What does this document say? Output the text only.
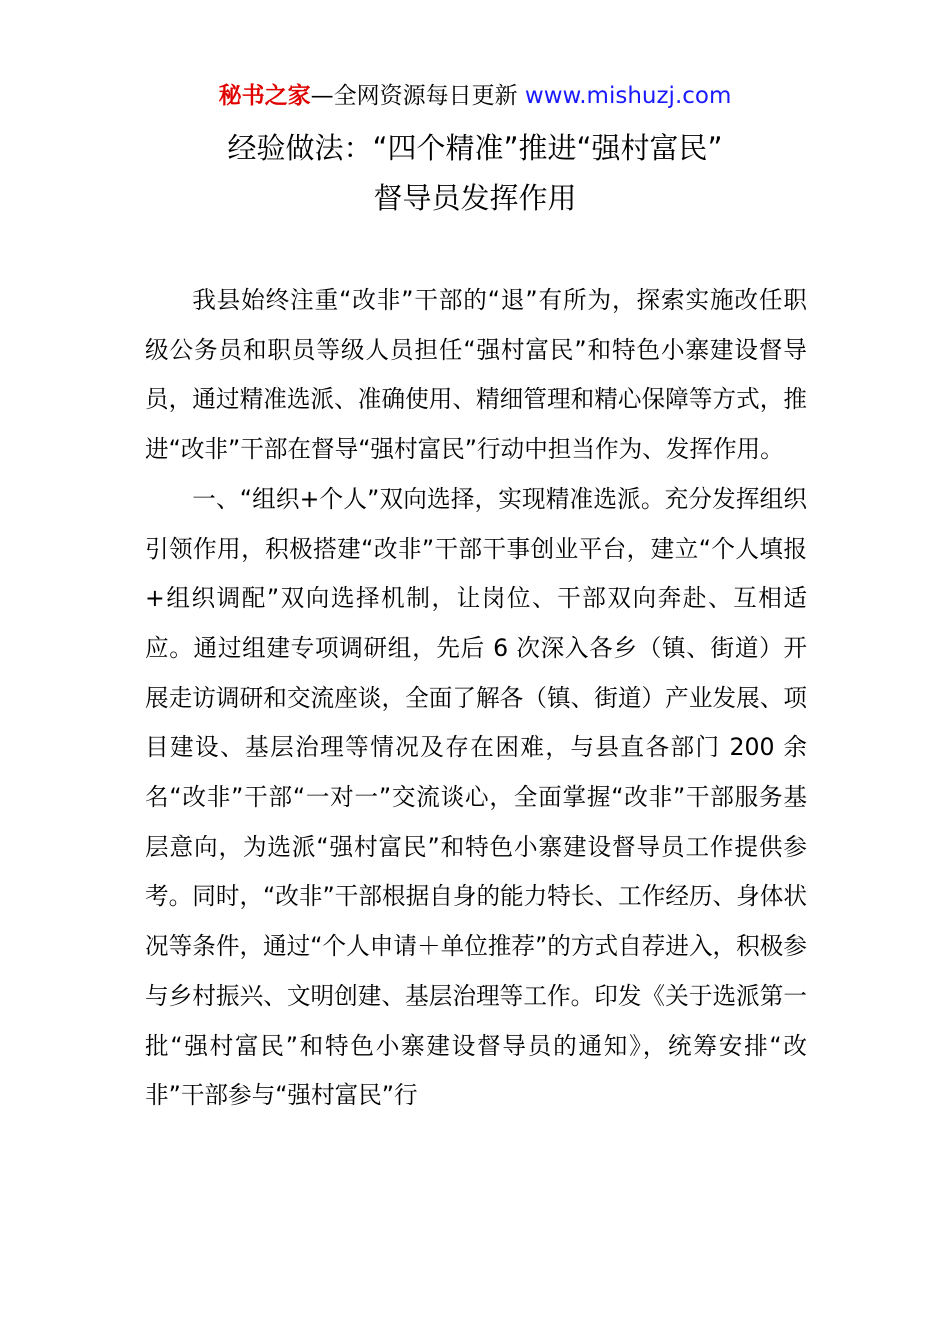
秘书之家—全网资源每日更新 www.mishuzj.com
经验做法：“四个精准”推进“强村富民”
督导员发挥作用

我县始终注重“改非”干部的“退”有所为，探索实施改任职级公务员和职员等级人员担任“强村富民”和特色小寨建设督导员，通过精准选派、准确使用、精细管理和精心保障等方式，推进“改非”干部在督导“强村富民”行动中担当作为、发挥作用。

一、“组织+个人”双向选择，实现精准选派。充分发挥组织引领作用，积极搭建“改非”干部干事创业平台，建立“个人填报+组织调配”双向选择机制，让岗位、干部双向奔赴、互相适应。通过组建专项调研组，先后 6 次深入各乡（镇、街道）开展走访调研和交流座谈，全面了解各（镇、街道）产业发展、项目建设、基层治理等情况及存在困难，与县直各部门 200 余名“改非”干部“一对一”交流谈心，全面掌握“改非”干部服务基层意向，为选派“强村富民”和特色小寨建设督导员工作提供参考。同时，“改非”干部根据自身的能力特长、工作经历、身体状况等条件，通过“个人申请＋单位推荐”的方式自荐进入，积极参与乡村振兴、文明创建、基层治理等工作。印发《关于选派第一批“强村富民”和特色小寨建设督导员的通知》，统筹安排“改非”干部参与“强村富民”行
